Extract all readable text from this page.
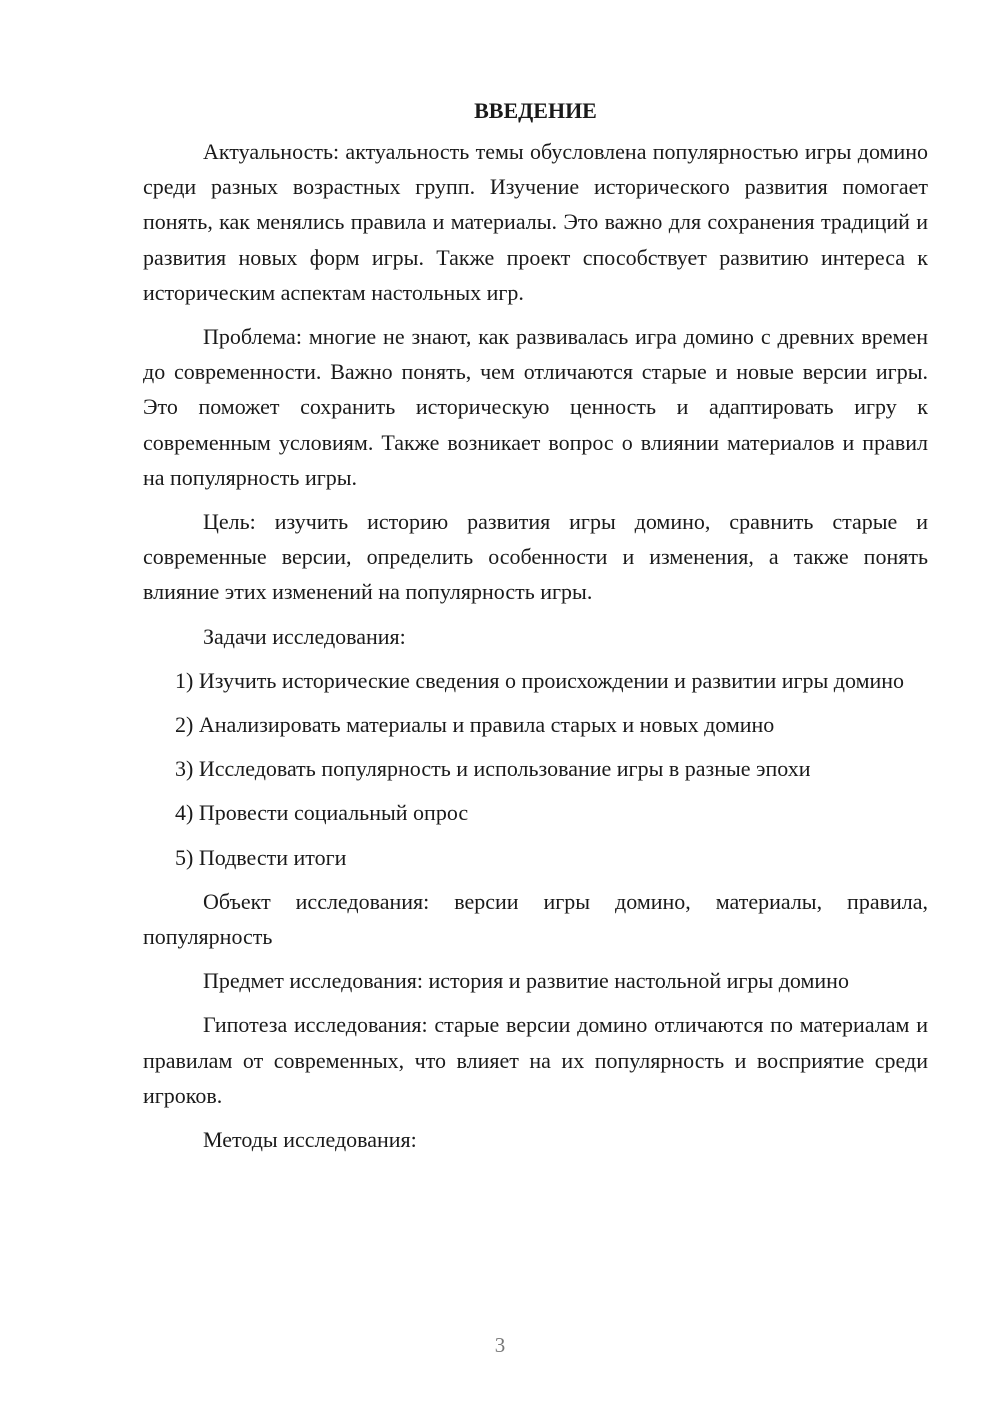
ВВЕДЕНИЕ

Актуальность: актуальность темы обусловлена популярностью игры домино среди разных возрастных групп. Изучение исторического развития помогает понять, как менялись правила и материалы. Это важно для сохранения традиций и развития новых форм игры. Также проект способствует развитию интереса к историческим аспектам настольных игр.

Проблема: многие не знают, как развивалась игра домино с древних времен до современности. Важно понять, чем отличаются старые и новые версии игры. Это поможет сохранить историческую ценность и адаптировать игру к современным условиям. Также возникает вопрос о влиянии материалов и правил на популярность игры.

Цель: изучить историю развития игры домино, сравнить старые и современные версии, определить особенности и изменения, а также понять влияние этих изменений на популярность игры.

Задачи исследования:

1) Изучить исторические сведения о происхождении и развитии игры домино

2) Анализировать материалы и правила старых и новых домино

3) Исследовать популярность и использование игры в разные эпохи

4) Провести социальный опрос

5) Подвести итоги

Объект исследования: версии игры домино, материалы, правила, популярность

Предмет исследования: история и развитие настольной игры домино

Гипотеза исследования: старые версии домино отличаются по материалам и правилам от современных, что влияет на их популярность и восприятие среди игроков.

Методы исследования:

3
